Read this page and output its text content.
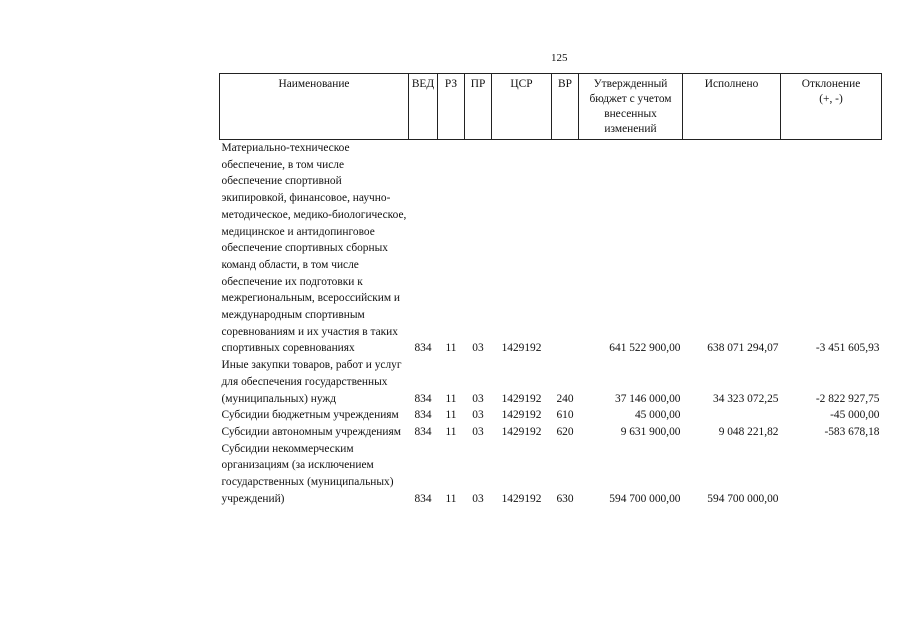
125
Наименование	ВЕД	РЗ	ПР	ЦСР	ВР	Утвержденный бюджет с учетом внесенных изменений	Исполнено	Отклонение (+, -)
Материально-техническое обеспечение, в том числе обеспечение спортивной экипировкой, финансовое, научно-методическое, медико-биологическое, медицинское и антидопинговое обеспечение спортивных сборных команд области, в том числе обеспечение их подготовки к межрегиональным, всероссийским и международным спортивным соревнованиям и их участия в таких спортивных соревнованиях	834	11	03	1429192		641 522 900,00	638 071 294,07	-3 451 605,93
Иные закупки товаров, работ и услуг для обеспечения государственных (муниципальных) нужд	834	11	03	1429192	240	37 146 000,00	34 323 072,25	-2 822 927,75
Субсидии бюджетным учреждениям	834	11	03	1429192	610	45 000,00		-45 000,00
Субсидии автономным учреждениям	834	11	03	1429192	620	9 631 900,00	9 048 221,82	-583 678,18
Субсидии некоммерческим организациям (за исключением государственных (муниципальных) учреждений)	834	11	03	1429192	630	594 700 000,00	594 700 000,00	
